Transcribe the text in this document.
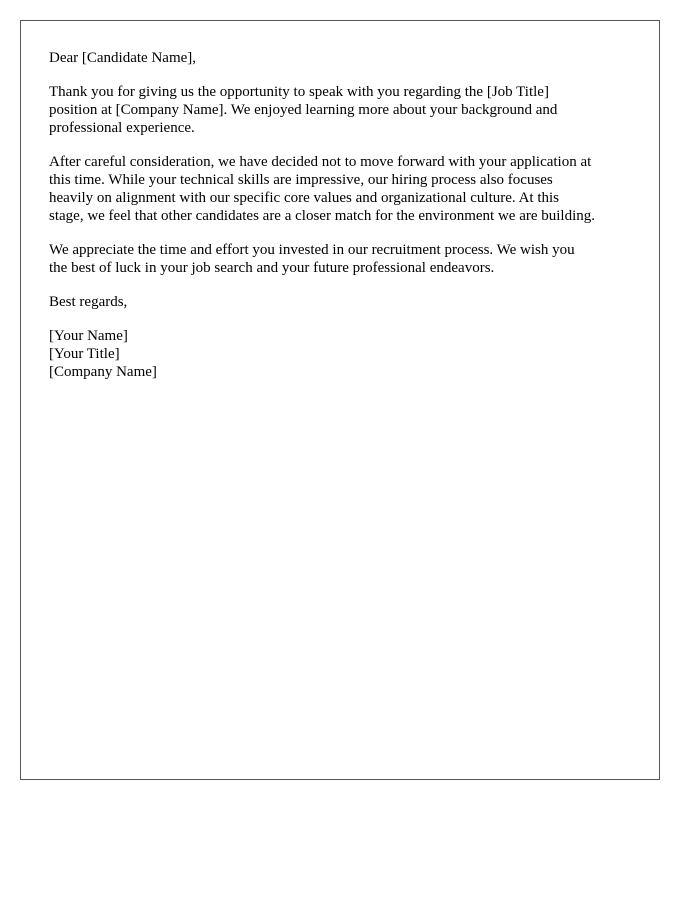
Dear [Candidate Name],
Thank you for giving us the opportunity to speak with you regarding the [Job Title]
position at [Company Name]. We enjoyed learning more about your background and
professional experience.
After careful consideration, we have decided not to move forward with your application at
this time. While your technical skills are impressive, our hiring process also focuses
heavily on alignment with our specific core values and organizational culture. At this
stage, we feel that other candidates are a closer match for the environment we are building.
We appreciate the time and effort you invested in our recruitment process. We wish you
the best of luck in your job search and your future professional endeavors.
Best regards,
[Your Name]
[Your Title]
[Company Name]
